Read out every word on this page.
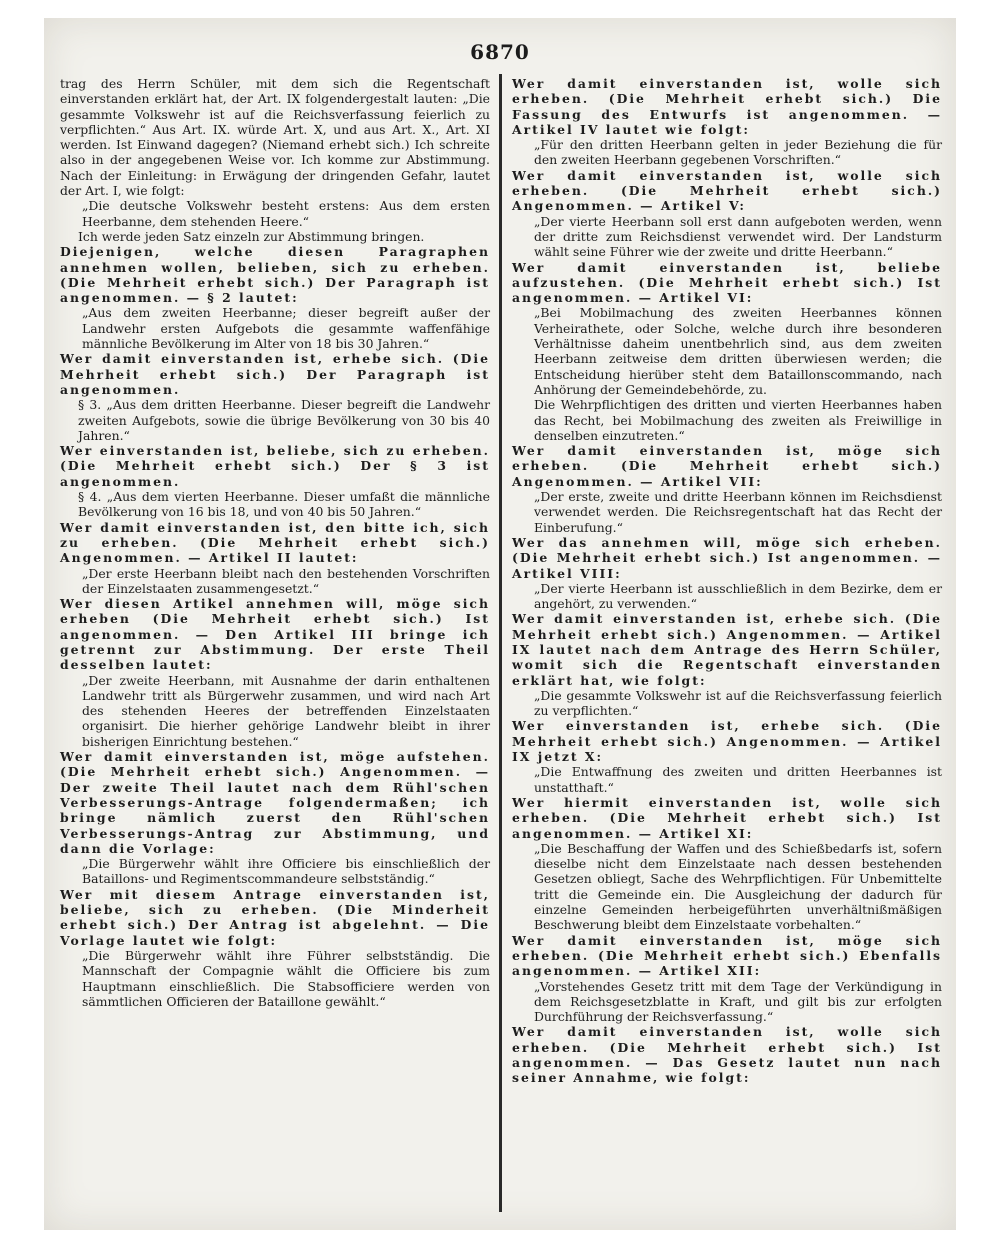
6870

trag des Herrn Schüler, mit dem sich die Regentschaft einverstanden erklärt hat, der Art. IX folgendergestalt lauten: „Die gesammte Volkswehr ist auf die Reichsverfassung feierlich zu verpflichten.“ Aus Art. IX. würde Art. X, und aus Art. X., Art. XI werden. Ist Einwand dagegen? (Niemand erhebt sich.) Ich schreite also in der angegebenen Weise vor. Ich komme zur Abstimmung. Nach der Einleitung: in Erwägung der dringenden Gefahr, lautet der Art. I, wie folgt:

„Die deutsche Volkswehr besteht erstens: Aus dem ersten Heerbanne, dem stehenden Heere.“

Ich werde jeden Satz einzeln zur Abstimmung bringen.

Diejenigen, welche diesen Paragraphen annehmen wollen, belieben, sich zu erheben. (Die Mehrheit erhebt sich.) Der Paragraph ist angenommen. — § 2 lautet:

„Aus dem zweiten Heerbanne; dieser begreift außer der Landwehr ersten Aufgebots die gesammte waffenfähige männliche Bevölkerung im Alter von 18 bis 30 Jahren.“

Wer damit einverstanden ist, erhebe sich. (Die Mehrheit erhebt sich.) Der Paragraph ist angenommen.

§ 3. „Aus dem dritten Heerbanne. Dieser begreift die Landwehr zweiten Aufgebots, sowie die übrige Bevölkerung von 30 bis 40 Jahren.“

Wer einverstanden ist, beliebe, sich zu erheben. (Die Mehrheit erhebt sich.) Der § 3 ist angenommen.

§ 4. „Aus dem vierten Heerbanne. Dieser umfaßt die männliche Bevölkerung von 16 bis 18, und von 40 bis 50 Jahren.“

Wer damit einverstanden ist, den bitte ich, sich zu erheben. (Die Mehrheit erhebt sich.) Angenommen. — Artikel II lautet:

„Der erste Heerbann bleibt nach den bestehenden Vorschriften der Einzelstaaten zusammengesetzt.“

Wer diesen Artikel annehmen will, möge sich erheben (Die Mehrheit erhebt sich.) Ist angenommen. — Den Artikel III bringe ich getrennt zur Abstimmung. Der erste Theil desselben lautet:

„Der zweite Heerbann, mit Ausnahme der darin enthaltenen Landwehr tritt als Bürgerwehr zusammen, und wird nach Art des stehenden Heeres der betreffenden Einzelstaaten organisirt. Die hierher gehörige Landwehr bleibt in ihrer bisherigen Einrichtung bestehen.“

Wer damit einverstanden ist, möge aufstehen. (Die Mehrheit erhebt sich.) Angenommen. — Der zweite Theil lautet nach dem Rühl'schen Verbesserungs-Antrage folgendermaßen; ich bringe nämlich zuerst den Rühl'schen Verbesserungs-Antrag zur Abstimmung, und dann die Vorlage:

„Die Bürgerwehr wählt ihre Officiere bis einschließlich der Bataillons- und Regimentscommandeure selbstständig.“

Wer mit diesem Antrage einverstanden ist, beliebe, sich zu erheben. (Die Minderheit erhebt sich.) Der Antrag ist abgelehnt. — Die Vorlage lautet wie folgt:

„Die Bürgerwehr wählt ihre Führer selbstständig. Die Mannschaft der Compagnie wählt die Officiere bis zum Hauptmann einschließlich. Die Stabsofficiere werden von sämmtlichen Officieren der Bataillone gewählt.“

Wer damit einverstanden ist, wolle sich erheben. (Die Mehrheit erhebt sich.) Die Fassung des Entwurfs ist angenommen. — Artikel IV lautet wie folgt:

„Für den dritten Heerbann gelten in jeder Beziehung die für den zweiten Heerbann gegebenen Vorschriften.“

Wer damit einverstanden ist, wolle sich erheben. (Die Mehrheit erhebt sich.) Angenommen. — Artikel V:

„Der vierte Heerbann soll erst dann aufgeboten werden, wenn der dritte zum Reichsdienst verwendet wird. Der Landsturm wählt seine Führer wie der zweite und dritte Heerbann.“

Wer damit einverstanden ist, beliebe aufzustehen. (Die Mehrheit erhebt sich.) Ist angenommen. — Artikel VI:

„Bei Mobilmachung des zweiten Heerbannes können Verheirathete, oder Solche, welche durch ihre besonderen Verhältnisse daheim unentbehrlich sind, aus dem zweiten Heerbann zeitweise dem dritten überwiesen werden; die Entscheidung hierüber steht dem Bataillonscommando, nach Anhörung der Gemeindebehörde, zu.

Die Wehrpflichtigen des dritten und vierten Heerbannes haben das Recht, bei Mobilmachung des zweiten als Freiwillige in denselben einzutreten.“

Wer damit einverstanden ist, möge sich erheben. (Die Mehrheit erhebt sich.) Angenommen. — Artikel VII:

„Der erste, zweite und dritte Heerbann können im Reichsdienst verwendet werden. Die Reichsregentschaft hat das Recht der Einberufung.“

Wer das annehmen will, möge sich erheben. (Die Mehrheit erhebt sich.) Ist angenommen. — Artikel VIII:

„Der vierte Heerbann ist ausschließlich in dem Bezirke, dem er angehört, zu verwenden.“

Wer damit einverstanden ist, erhebe sich. (Die Mehrheit erhebt sich.) Angenommen. — Artikel IX lautet nach dem Antrage des Herrn Schüler, womit sich die Regentschaft einverstanden erklärt hat, wie folgt:

„Die gesammte Volkswehr ist auf die Reichsverfassung feierlich zu verpflichten.“

Wer einverstanden ist, erhebe sich. (Die Mehrheit erhebt sich.) Angenommen. — Artikel IX jetzt X:

„Die Entwaffnung des zweiten und dritten Heerbannes ist unstatthaft.“

Wer hiermit einverstanden ist, wolle sich erheben. (Die Mehrheit erhebt sich.) Ist angenommen. — Artikel XI:

„Die Beschaffung der Waffen und des Schießbedarfs ist, sofern dieselbe nicht dem Einzelstaate nach dessen bestehenden Gesetzen obliegt, Sache des Wehrpflichtigen. Für Unbemittelte tritt die Gemeinde ein. Die Ausgleichung der dadurch für einzelne Gemeinden herbeigeführten unverhältnißmäßigen Beschwerung bleibt dem Einzelstaate vorbehalten.“

Wer damit einverstanden ist, möge sich erheben. (Die Mehrheit erhebt sich.) Ebenfalls angenommen. — Artikel XII:

„Vorstehendes Gesetz tritt mit dem Tage der Verkündigung in dem Reichsgesetzblatte in Kraft, und gilt bis zur erfolgten Durchführung der Reichsverfassung.“

Wer damit einverstanden ist, wolle sich erheben. (Die Mehrheit erhebt sich.) Ist angenommen. — Das Gesetz lautet nun nach seiner Annahme, wie folgt:
